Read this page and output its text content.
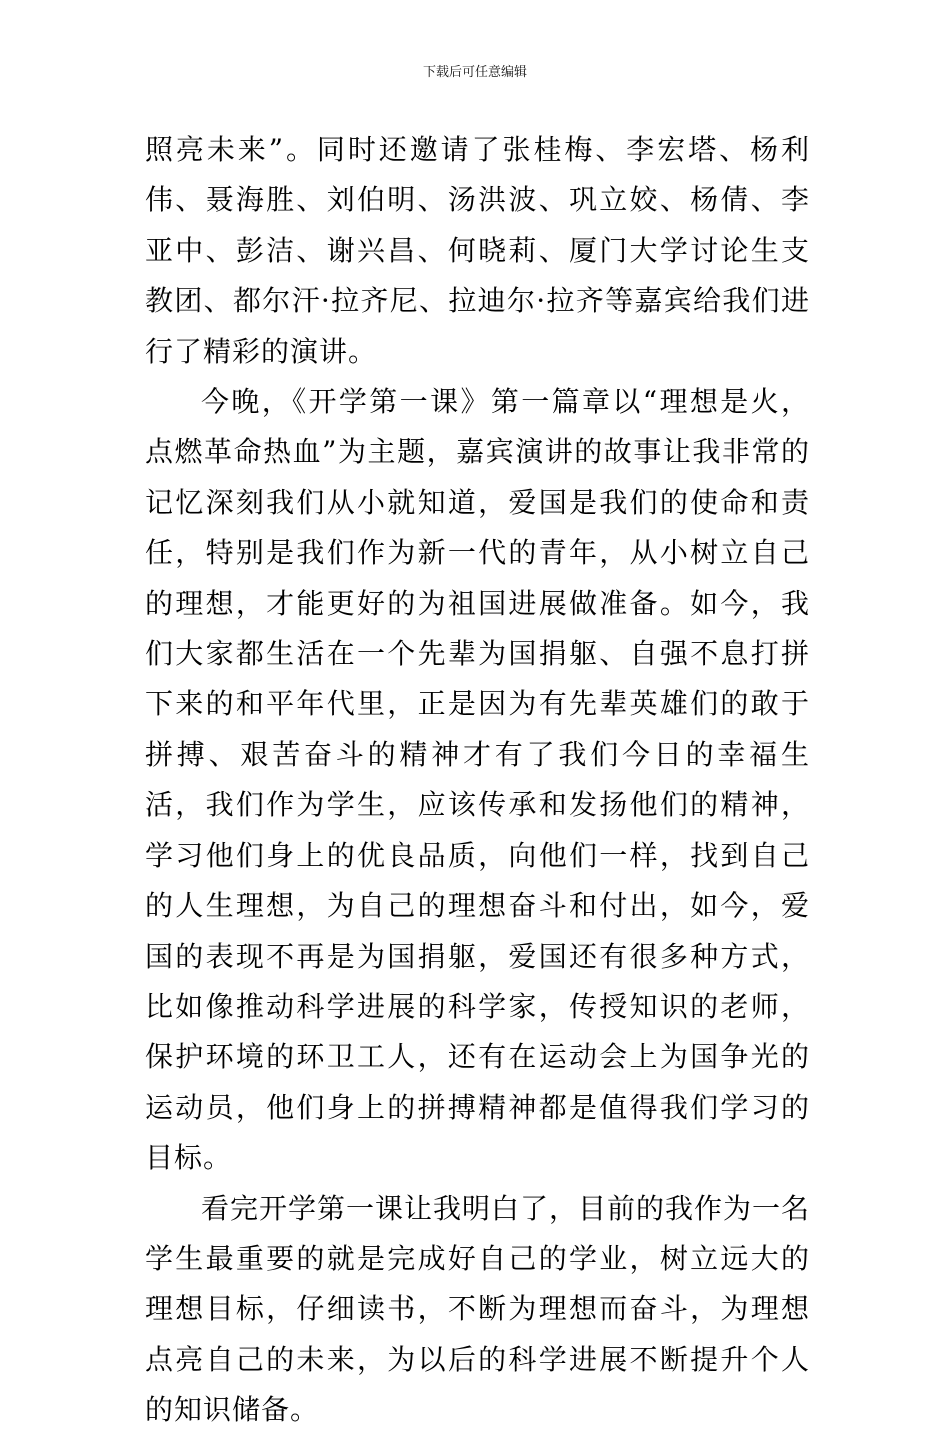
下载后可任意编辑

照亮未来”。同时还邀请了张桂梅、李宏塔、杨利伟、聂海胜、刘伯明、汤洪波、巩立姣、杨倩、李亚中、彭洁、谢兴昌、何晓莉、厦门大学讨论生支教团、都尔汗·拉齐尼、拉迪尔·拉齐等嘉宾给我们进行了精彩的演讲。

今晚，《开学第一课》第一篇章以“理想是火，点燃革命热血”为主题，嘉宾演讲的故事让我非常的记忆深刻我们从小就知道，爱国是我们的使命和责任，特别是我们作为新一代的青年，从小树立自己的理想，才能更好的为祖国进展做准备。如今，我们大家都生活在一个先辈为国捐躯、自强不息打拼下来的和平年代里，正是因为有先辈英雄们的敢于拼搏、艰苦奋斗的精神才有了我们今日的幸福生活，我们作为学生，应该传承和发扬他们的精神，学习他们身上的优良品质，向他们一样，找到自己的人生理想，为自己的理想奋斗和付出，如今，爱国的表现不再是为国捐躯，爱国还有很多种方式，比如像推动科学进展的科学家，传授知识的老师，保护环境的环卫工人，还有在运动会上为国争光的运动员，他们身上的拼搏精神都是值得我们学习的目标。

看完开学第一课让我明白了，目前的我作为一名学生最重要的就是完成好自己的学业，树立远大的理想目标，仔细读书，不断为理想而奋斗，为理想点亮自己的未来，为以后的科学进展不断提升个人的知识储备。
